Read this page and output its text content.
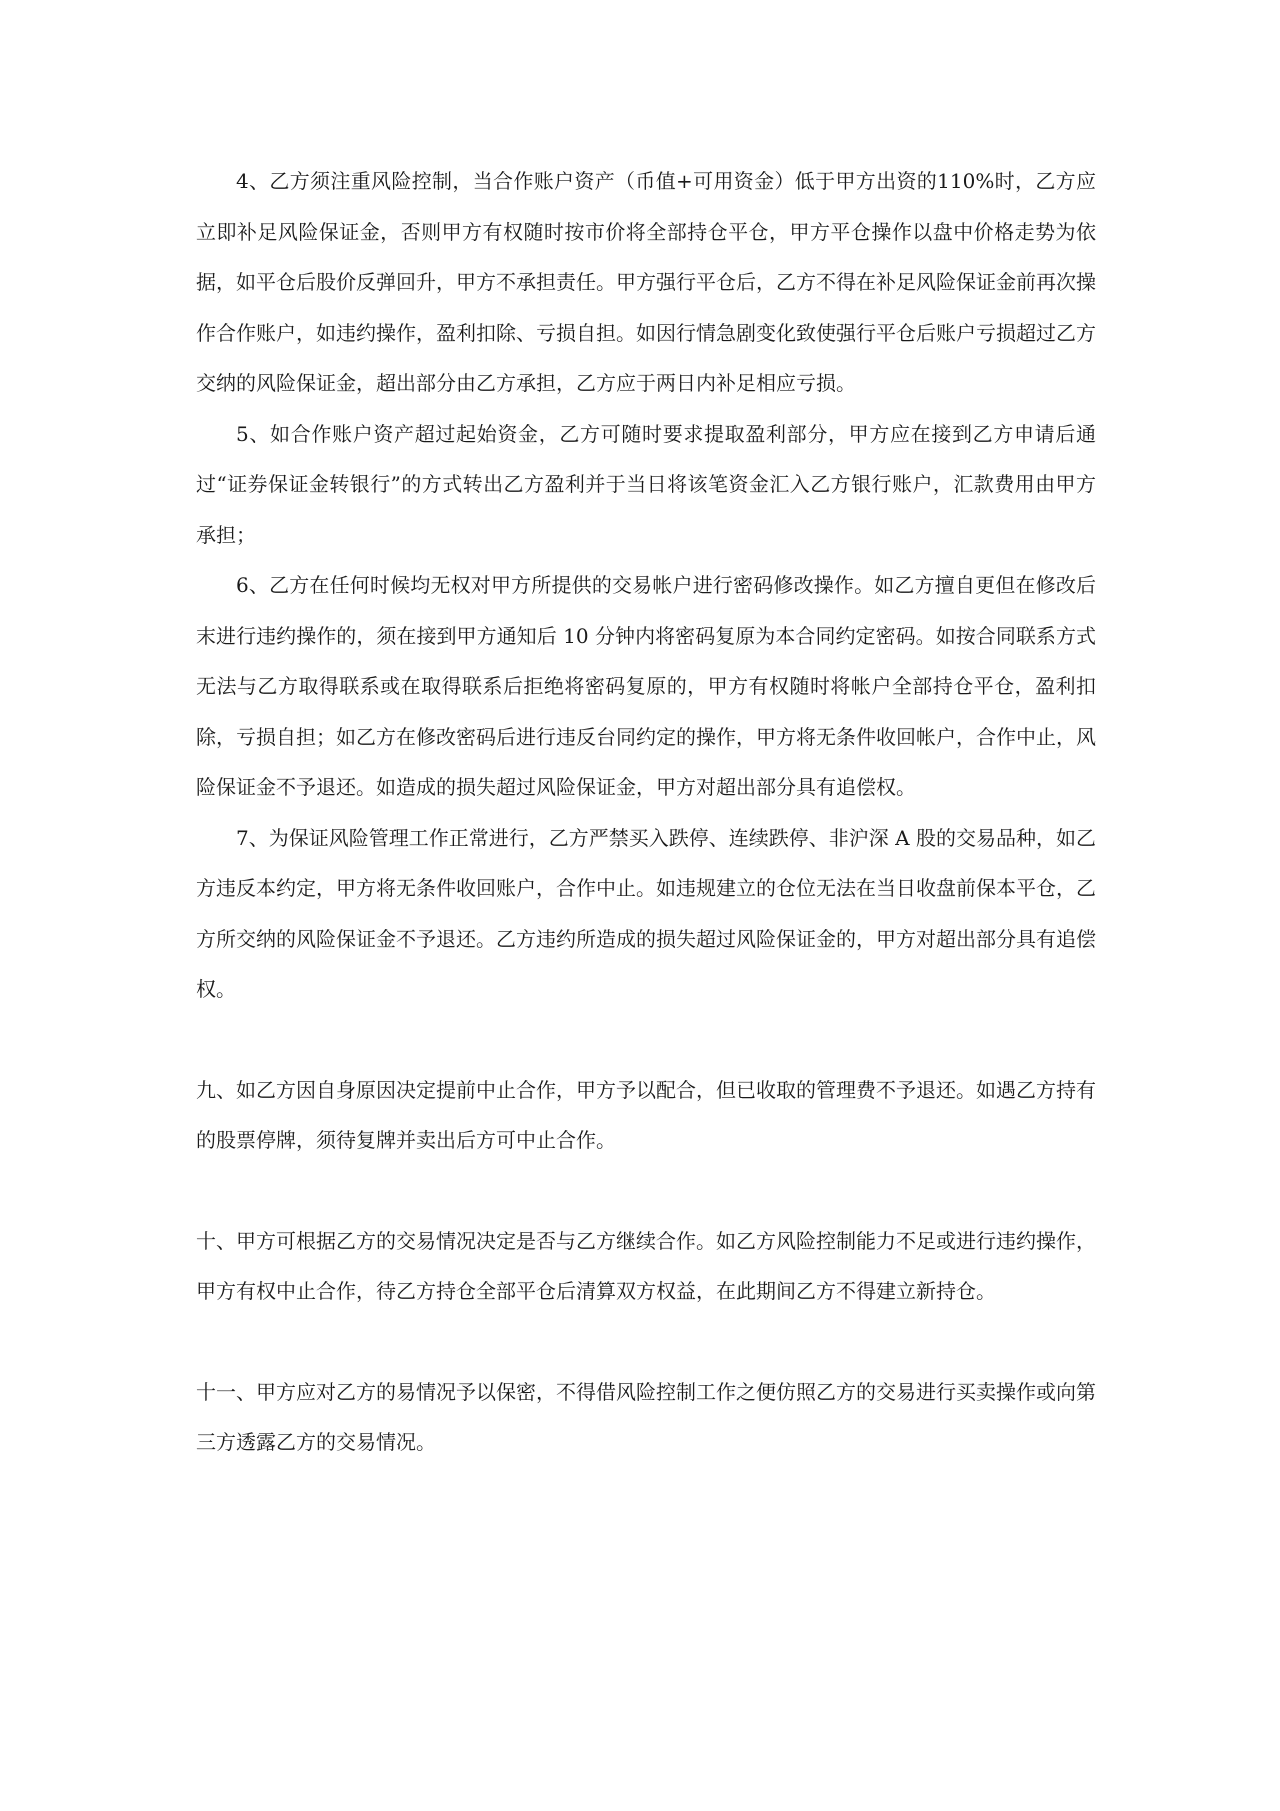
4、乙方须注重风险控制，当合作账户资产（币值+可用资金）低于甲方出资的110%时，乙方应立即补足风险保证金，否则甲方有权随时按市价将全部持仓平仓，甲方平仓操作以盘中价格走势为依据，如平仓后股价反弹回升，甲方不承担责任。甲方强行平仓后，乙方不得在补足风险保证金前再次操作合作账户，如违约操作，盈利扣除、亏损自担。如因行情急剧变化致使强行平仓后账户亏损超过乙方交纳的风险保证金，超出部分由乙方承担，乙方应于两日内补足相应亏损。

5、如合作账户资产超过起始资金，乙方可随时要求提取盈利部分，甲方应在接到乙方申请后通过“证券保证金转银行”的方式转出乙方盈利并于当日将该笔资金汇入乙方银行账户，汇款费用由甲方承担；

6、乙方在任何时候均无权对甲方所提供的交易帐户进行密码修改操作。如乙方擅自更但在修改后末进行违约操作的，须在接到甲方通知后 10 分钟内将密码复原为本合同约定密码。如按合同联系方式无法与乙方取得联系或在取得联系后拒绝将密码复原的，甲方有权随时将帐户全部持仓平仓，盈利扣除，亏损自担；如乙方在修改密码后进行违反台同约定的操作，甲方将无条件收回帐户，合作中止，风险保证金不予退还。如造成的损失超过风险保证金，甲方对超出部分具有追偿权。

7、为保证风险管理工作正常进行，乙方严禁买入跌停、连续跌停、非沪深 A 股的交易品种，如乙方违反本约定，甲方将无条件收回账户，合作中止。如违规建立的仓位无法在当日收盘前保本平仓，乙方所交纳的风险保证金不予退还。乙方违约所造成的损失超过风险保证金的，甲方对超出部分具有追偿权。

九、如乙方因自身原因决定提前中止合作，甲方予以配合，但已收取的管理费不予退还。如遇乙方持有的股票停牌，须待复牌并卖出后方可中止合作。

十、甲方可根据乙方的交易情况决定是否与乙方继续合作。如乙方风险控制能力不足或进行违约操作，甲方有权中止合作，待乙方持仓全部平仓后清算双方权益，在此期间乙方不得建立新持仓。

十一、甲方应对乙方的易情况予以保密，不得借风险控制工作之便仿照乙方的交易进行买卖操作或向第三方透露乙方的交易情况。
